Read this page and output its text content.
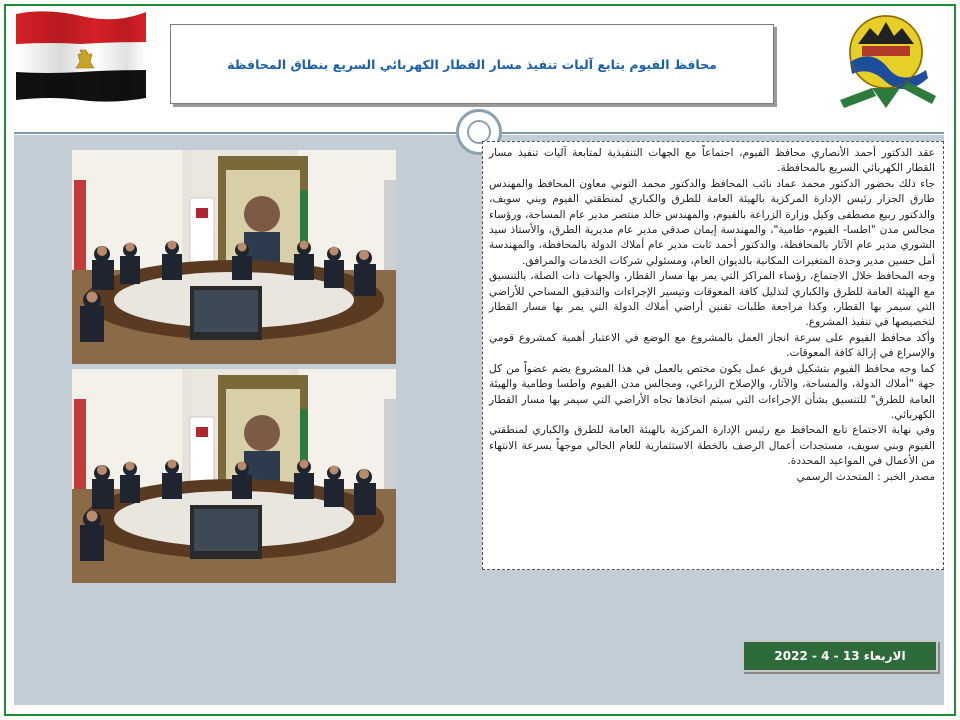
محافظ الفيوم يتابع آليات تنفيذ مسار القطار الكهربائي السريع بنطاق المحافظة

عقد الدكتور أحمد الأنصاري محافظ الفيوم، اجتماعاً مع الجهات التنفيذية لمتابعة آليات تنفيذ مسار القطار الكهربائي السريع بالمحافظة.

جاء ذلك بحضور الدكتور محمد عماد نائب المحافظ والدكتور محمد التوني معاون المحافظ والمهندس طارق الجزار رئيس الإدارة المركزية بالهيئة العامة للطرق والكباري لمنطقتي الفيوم وبني سويف، والدكتور ربيع مصطفى وكيل وزارة الزراعة بالفيوم، والمهندس خالد منتصر مدير عام المساحة، ورؤساء مجالس مدن "اطسا- الفيوم- طامية"، والمهندسة إيمان صدقي مدير عام مديرية الطرق، والأستاذ سيد الشوري مدير عام الآثار بالمحافظة، والدكتور أحمد ثابت مدير عام أملاك الدولة بالمحافظة، والمهندسة أمل حسين مدير وحدة المتغيرات المكانية بالديوان العام، ومسئولي شركات الخدمات والمرافق.

وجه المحافظ خلال الاجتماع، رؤساء المراكز التي يمر بها مسار القطار، والجهات ذات الصلة، بالتنسيق مع الهيئة العامة للطرق والكباري لتذليل كافة المعوقات وتيسير الإجراءات والتدقيق المساحي للأراضي التي سيمر بها القطار، وكذا مراجعة طلبات تقنين أراضي أملاك الدولة التي يمر بها مسار القطار لتخصيصها في تنفيذ المشروع.

وأكد محافظ الفيوم على سرعة انجاز العمل بالمشروع مع الوضع في الاعتبار أهمية كمشروع قومي والإسراع في إزالة كافة المعوقات.

كما وجه محافظ الفيوم بتشكيل فريق عمل يكون مختص بالعمل في هذا المشروع يضم عضواً من كل جهة "أملاك الدولة، والمساحة، والآثار، والإصلاح الزراعي، ومجالس مدن الفيوم واطسا وطامية والهيئة العامة للطرق" للتنسيق بشأن الإجراءات التي سيتم اتخاذها تجاه الأراضي التي سيمر بها مسار القطار الكهربائي.

وفي نهاية الاجتماع تابع المحافظ مع رئيس الإدارة المركزية بالهيئة العامة للطرق والكباري لمنطقتي الفيوم وبني سويف، مستجدات أعمال الرصف بالخطة الاستثمارية للعام الحالي موجهاً بسرعة الانتهاء من الأعمال في المواعيد المحددة.

مصدر الخبر : المتحدث الرسمي

الاربعاء 13 - 4 - 2022
